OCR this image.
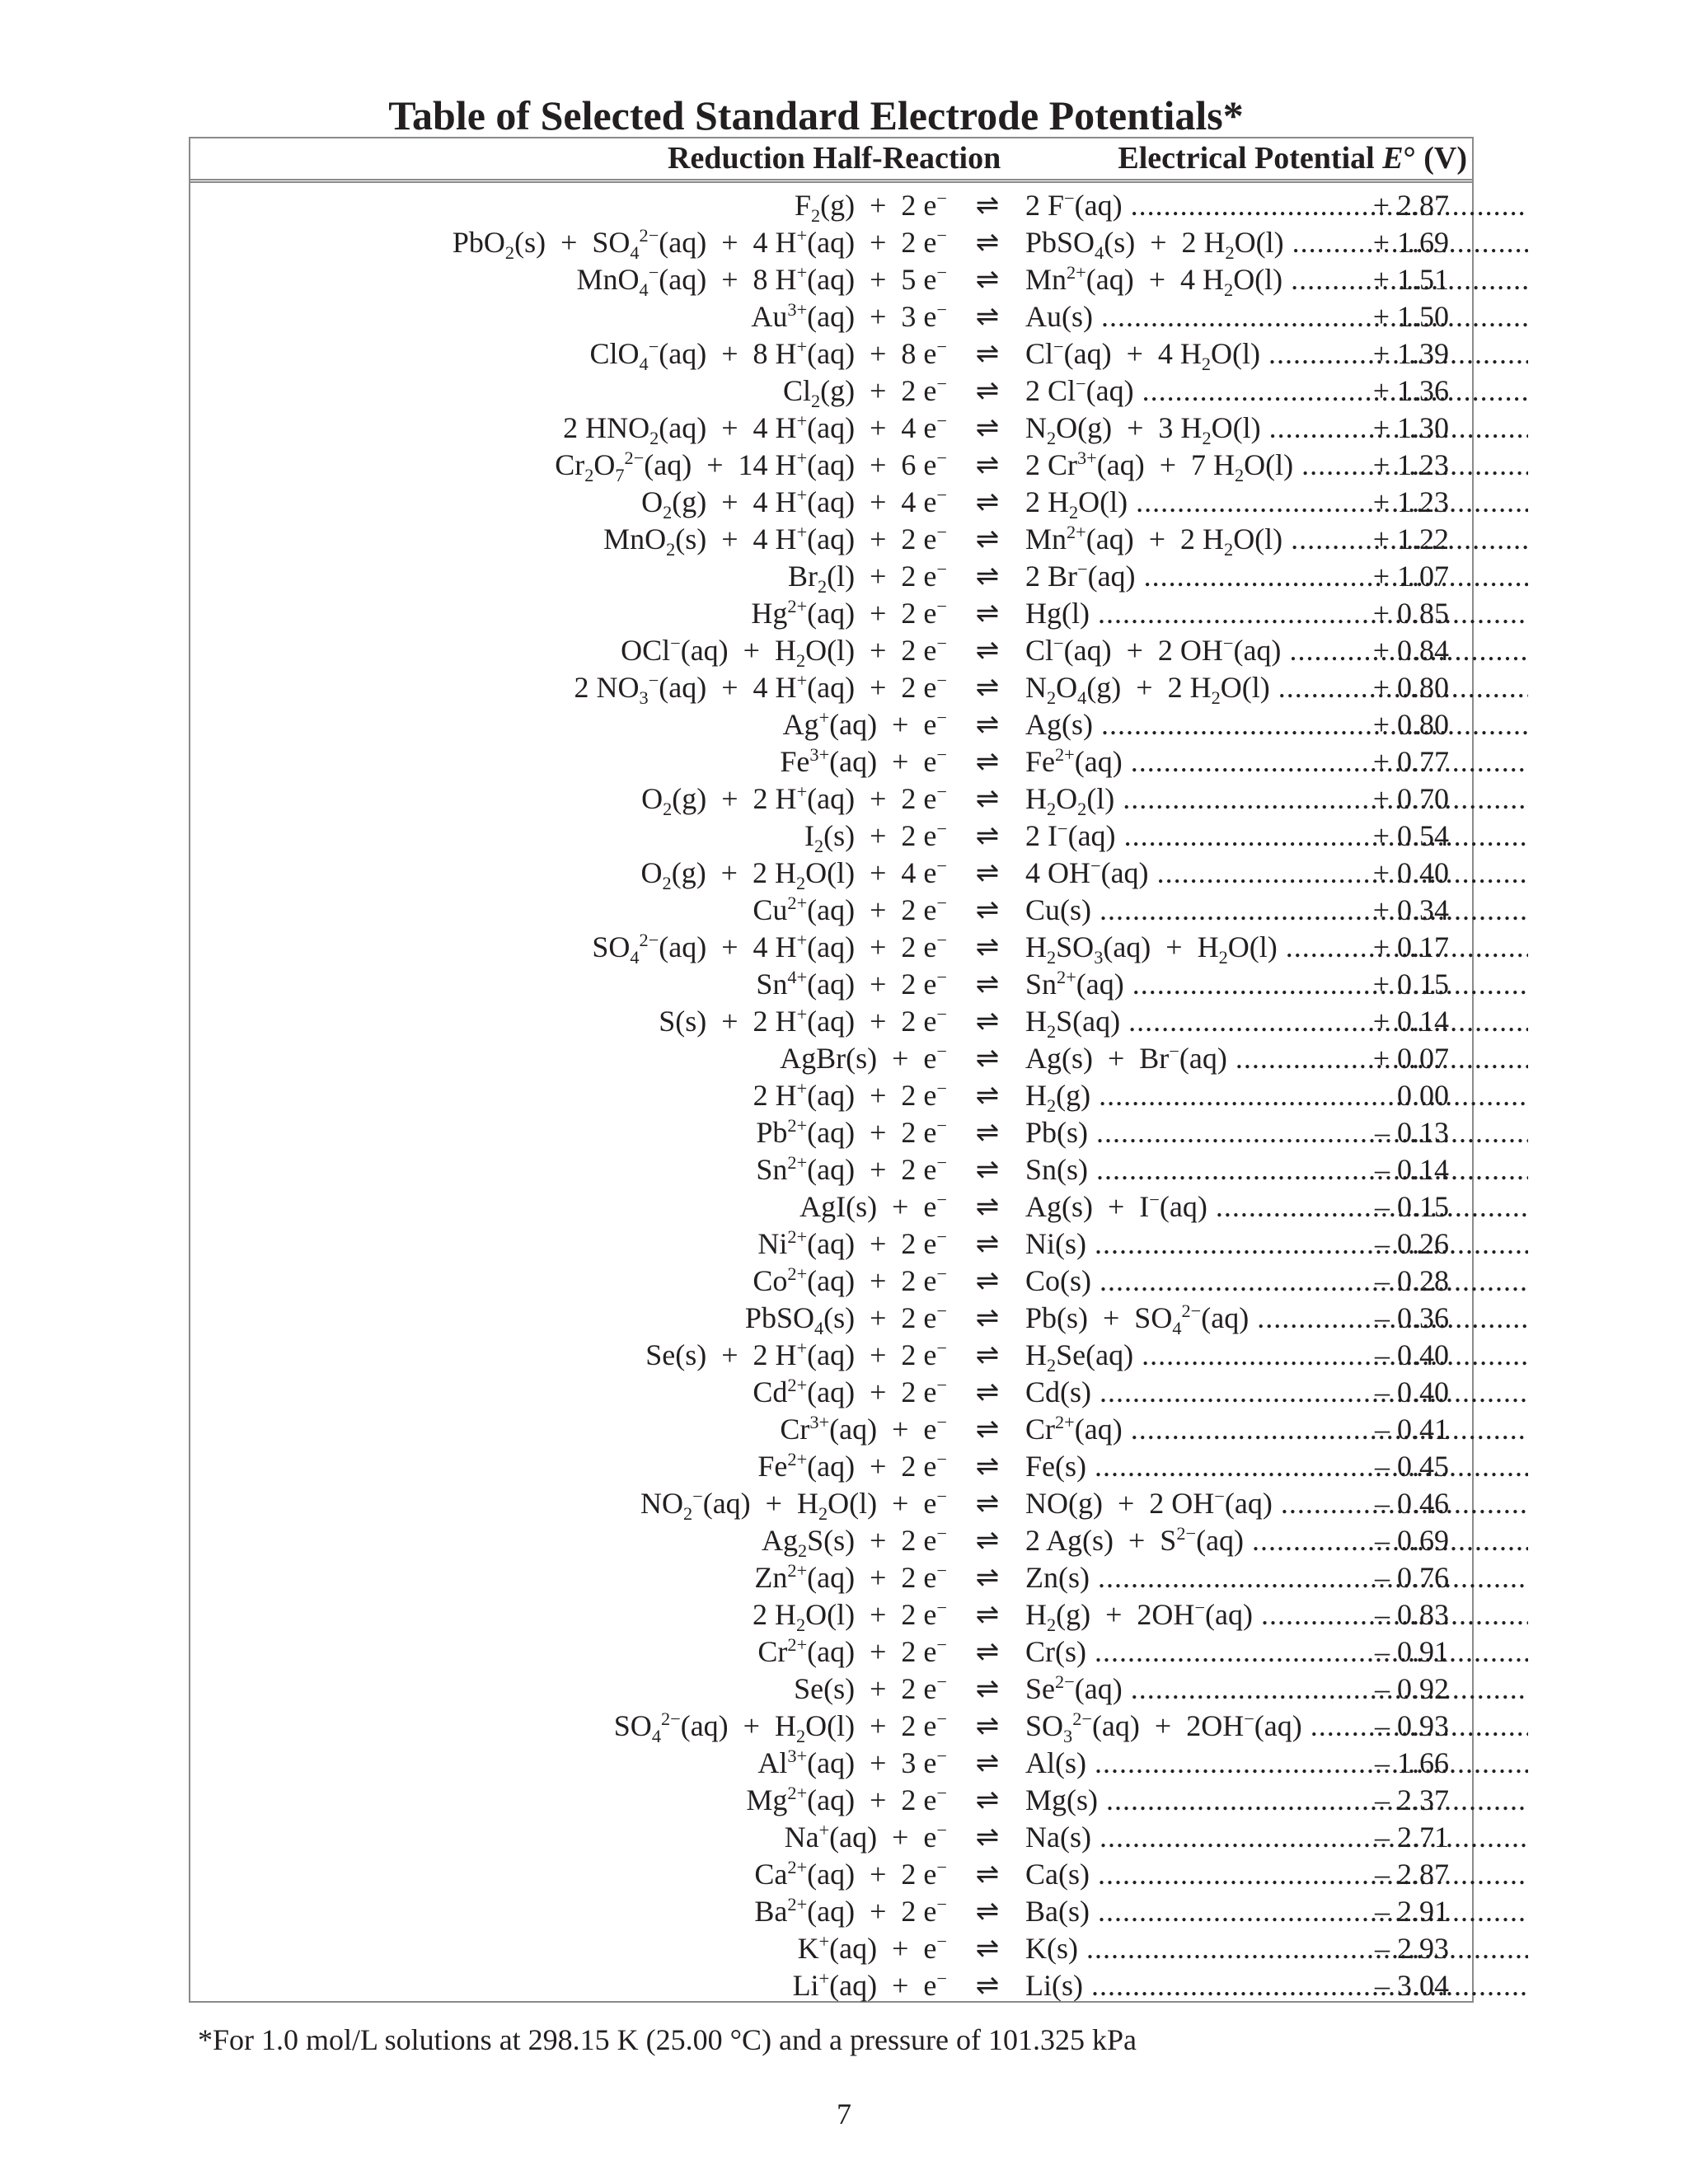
Table of Selected Standard Electrode Potentials*
Reduction Half-Reaction	Electrical Potential E° (V)
$F_2(g) + 2$ e−	⇌ 2 F−(aq) .....	+ 2.87
$PbO_2(s) + SO_4^{2-}(aq) + 4$ H+(aq)  +  2 e−	⇌ PbSO$_4$(s)  +  2 $H_2O(l)$ .....	+ 1.69
MnO$_4$−(aq)  +  8 H+(aq)  +  5 e−	⇌ $Mn^{2+}(aq) + 4$ $H_2O(l)$ .....	+ 1.51
$Au^{3+}(aq) + 3$ e−	⇌ Au(s) .....	+ 1.50
ClO$_4$−(aq)  +  8 H+(aq)  +  8 e−	⇌ Cl−(aq)  +  4 $H_2O(l)$ .....	+ 1.39
$Cl_2(g) + 2$ e−	⇌ 2 Cl−(aq) .....	+ 1.36
2 $HNO_2(aq) + 4$ H+(aq)  +  4 e−	⇌ $N_2O(g) + 3$ $H_2O(l)$ .....	+ 1.30
$Cr_2O_7^{2-}(aq) + 14$ H+(aq)  +  6 e−	⇌ 2 $Cr^{3+}(aq) + 7$ $H_2O(l)$ .....	+ 1.23
$O_2(g) + 4$ H+(aq)  +  4 e−	⇌ 2 $H_2O(l)$ .....	+ 1.23
MnO$_2$(s)  +  4 H+(aq)  +  2 e−	⇌ $Mn^{2+}(aq) + 2$ $H_2O(l)$ .....	+ 1.22
$Br_2(l) + 2$ e−	⇌ 2 Br−(aq) .....	+ 1.07
$Hg^{2+}(aq) + 2$ e−	⇌ Hg(l) .....	+ 0.85
$OCl^-(aq) + H_2O(l) + 2$ e−	⇌ Cl−(aq)  +  2 OH−(aq) .....	+ 0.84
2 $NO_3^-(aq) + 4$ H+(aq)  +  2 e−	⇌ $N_2O_4(g) + 2$ $H_2O(l)$ .....	+ 0.80
Ag+(aq)  +  e−	⇌ Ag(s) .....	+ 0.80
$Fe^{3+}(aq) + e^-$	⇌ $Fe^{2+}(aq)$ .....	+ 0.77
$O_2(g) + 2$ H+(aq)  +  2 e−	⇌ $H_2O_2(l)$ .....	+ 0.70
$I_2(s) + 2$ e−	⇌ 2 I−(aq) .....	+ 0.54
$O_2(g) + 2$ $H_2O(l) + 4$ e−	⇌ 4 OH−(aq) .....	+ 0.40
$Cu^{2+}(aq) + 2$ e−	⇌ Cu(s) .....	+ 0.34
$SO_4^{2-}(aq) + 4$ H+(aq)  +  2 e−	⇌ $H_2SO_3(aq) + H_2O(l)$ .....	+ 0.17
$Sn^{4+}(aq) + 2$ e−	⇌ $Sn^{2+}(aq)$ .....	+ 0.15
S(s)  +  2 H+(aq)  +  2 e−	⇌ $H_2S(aq)$ .....	+ 0.14
AgBr(s)  +  e−	⇌ Ag(s)  +  Br−(aq) .....	+ 0.07
2 H+(aq)  +  2 e−	⇌ $H_2(g)$ .....	0.00
$Pb^{2+}(aq) + 2$ e−	⇌ Pb(s) .....	– 0.13
$Sn^{2+}(aq) + 2$ e−	⇌ Sn(s) .....	– 0.14
AgI(s)  +  e−	⇌ Ag(s)  +  I−(aq) .....	– 0.15
$Ni^{2+}(aq) + 2$ e−	⇌ Ni(s) .....	– 0.26
$Co^{2+}(aq) + 2$ e−	⇌ Co(s) .....	– 0.28
PbSO$_4$(s)  +  2 e−	⇌ $Pb(s) + SO_4^{2-}(aq)$ .....	– 0.36
Se(s)  +  2 H+(aq)  +  2 e−	⇌ $H_2Se(aq)$ .....	– 0.40
$Cd^{2+}(aq) + 2$ e−	⇌ Cd(s) .....	– 0.40
$Cr^{3+}(aq) + e^-$	⇌ $Cr^{2+}(aq)$ .....	– 0.41
$Fe^{2+}(aq) + 2$ e−	⇌ Fe(s) .....	– 0.45
$NO_2^-(aq) + H_2O(l) + e^-$	⇌ NO(g)  +  2 OH−(aq) .....	– 0.46
$Ag_2S(s) + 2$ e−	⇌ 2 $Ag(s) + S^{2-}(aq)$ .....	– 0.69
$Zn^{2+}(aq) + 2$ e−	⇌ Zn(s) .....	– 0.76
2 $H_2O(l) + 2$ e−	⇌ $H_2(g) + 2OH^-(aq)$ .....	– 0.83
$Cr^{2+}(aq) + 2$ e−	⇌ Cr(s) .....	– 0.91
Se(s)  +  2 e−	⇌ $Se^{2-}(aq)$ .....	– 0.92
$SO_4^{2-}(aq) + H_2O(l) + 2$ e−	⇌ $SO_3^{2-}(aq) + 2OH^-(aq)$ .....	– 0.93
$Al^{3+}(aq) + 3$ e−	⇌ Al(s) .....	– 1.66
$Mg^{2+}(aq) + 2$ e−	⇌ Mg(s) .....	– 2.37
Na+(aq)  +  e−	⇌ Na(s) .....	– 2.71
$Ca^{2+}(aq) + 2$ e−	⇌ Ca(s) .....	– 2.87
$Ba^{2+}(aq) + 2$ e−	⇌ Ba(s) .....	– 2.91
K+(aq)  +  e−	⇌ K(s) .....	– 2.93
Li+(aq)  +  e−	⇌ Li(s) .....	– 3.04
*For 1.0 mol/L solutions at 298.15 K (25.00 °C) and a pressure of 101.325 kPa
7
